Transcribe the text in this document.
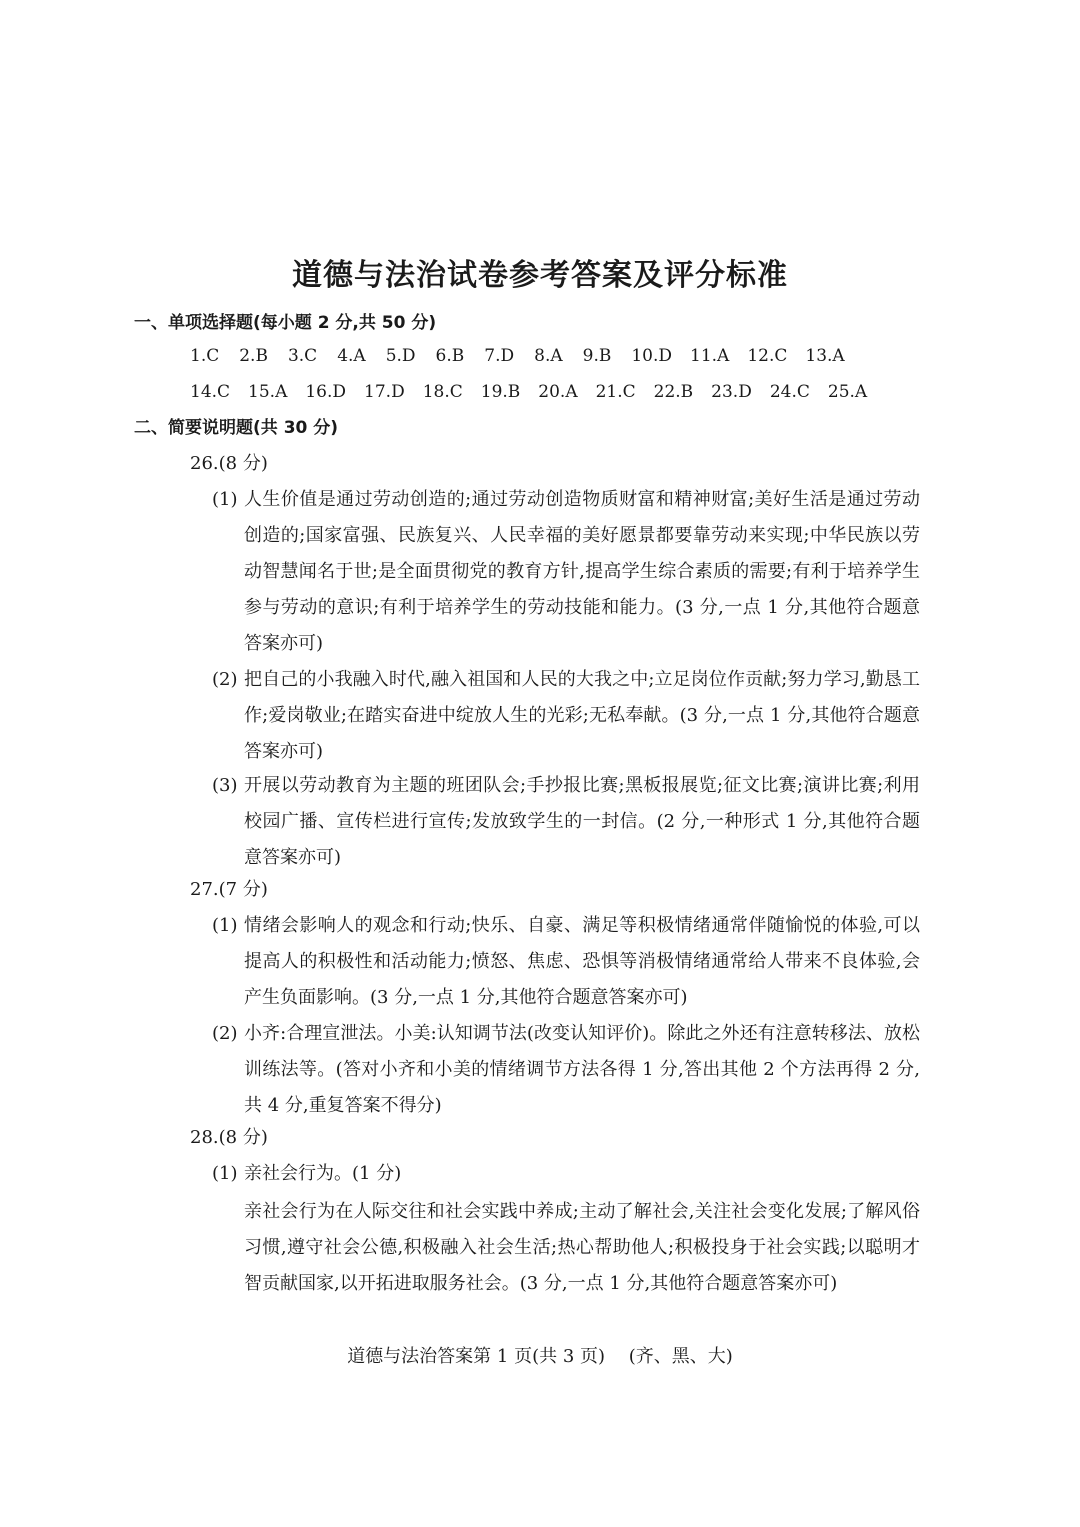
道德与法治试卷参考答案及评分标准
一、单项选择题(每小题 2 分,共 50 分)
1.C 2.B 3.C 4.A 5.D 6.B 7.D 8.A 9.B 10.D 11.A 12.C 13.A
14.C 15.A 16.D 17.D 18.C 19.B 20.A 21.C 22.B 23.D 24.C 25.A
二、简要说明题(共 30 分)
26.(8 分)

(1) 人生价值是通过劳动创造的;通过劳动创造物质财富和精神财富;美好生活是通过劳动创造的;国家富强、民族复兴、人民幸福的美好愿景都要靠劳动来实现;中华民族以劳动智慧闻名于世;是全面贯彻党的教育方针,提高学生综合素质的需要;有利于培养学生参与劳动的意识;有利于培养学生的劳动技能和能力。(3 分,一点 1 分,其他符合题意答案亦可)

(2) 把自己的小我融入时代,融入祖国和人民的大我之中;立足岗位作贡献;努力学习,勤恳工作;爱岗敬业;在踏实奋进中绽放人生的光彩;无私奉献。(3 分,一点 1 分,其他符合题意答案亦可)

(3) 开展以劳动教育为主题的班团队会;手抄报比赛;黑板报展览;征文比赛;演讲比赛;利用校园广播、宣传栏进行宣传;发放致学生的一封信。(2 分,一种形式 1 分,其他符合题意答案亦可)

27.(7 分)

(1) 情绪会影响人的观念和行动;快乐、自豪、满足等积极情绪通常伴随愉悦的体验,可以提高人的积极性和活动能力;愤怒、焦虑、恐惧等消极情绪通常给人带来不良体验,会产生负面影响。(3 分,一点 1 分,其他符合题意答案亦可)

(2) 小齐:合理宣泄法。小美:认知调节法(改变认知评价)。除此之外还有注意转移法、放松训练法等。(答对小齐和小美的情绪调节方法各得 1 分,答出其他 2 个方法再得 2 分,共 4 分,重复答案不得分)

28.(8 分)

(1) 亲社会行为。(1 分)

亲社会行为在人际交往和社会实践中养成;主动了解社会,关注社会变化发展;了解风俗习惯,遵守社会公德,积极融入社会生活;热心帮助他人;积极投身于社会实践;以聪明才智贡献国家,以开拓进取服务社会。(3 分,一点 1 分,其他符合题意答案亦可)

道德与法治答案第 1 页(共 3 页)　 (齐、黑、大)
